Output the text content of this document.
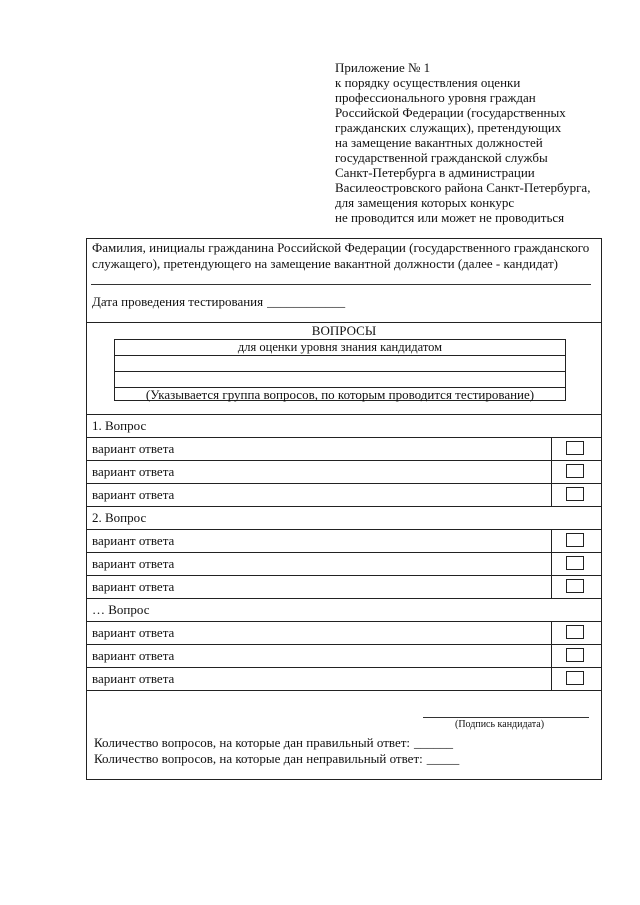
Приложение № 1
к порядку осуществления оценки
профессионального уровня граждан
Российской Федерации (государственных
гражданских служащих), претендующих
на замещение вакантных должностей
государственной гражданской службы
Санкт-Петербурга в администрации
Василеостровского района Санкт-Петербурга,
для замещения которых конкурс
не проводится или может не проводиться
Фамилия, инициалы гражданина Российской Федерации (государственного гражданского
служащего), претендующего на замещение вакантной должности (далее - кандидат)
Дата проведения тестирования ____________
ВОПРОСЫ
для оценки уровня знания кандидатом
(Указывается группа вопросов, по которым проводится тестирование)
1. Вопрос
вариант ответа
вариант ответа
вариант ответа
2. Вопрос
вариант ответа
вариант ответа
вариант ответа
… Вопрос
вариант ответа
вариант ответа
вариант ответа
(Подпись кандидата)
Количество вопросов, на которые дан правильный ответ: ______
Количество вопросов, на которые дан неправильный ответ: _____
